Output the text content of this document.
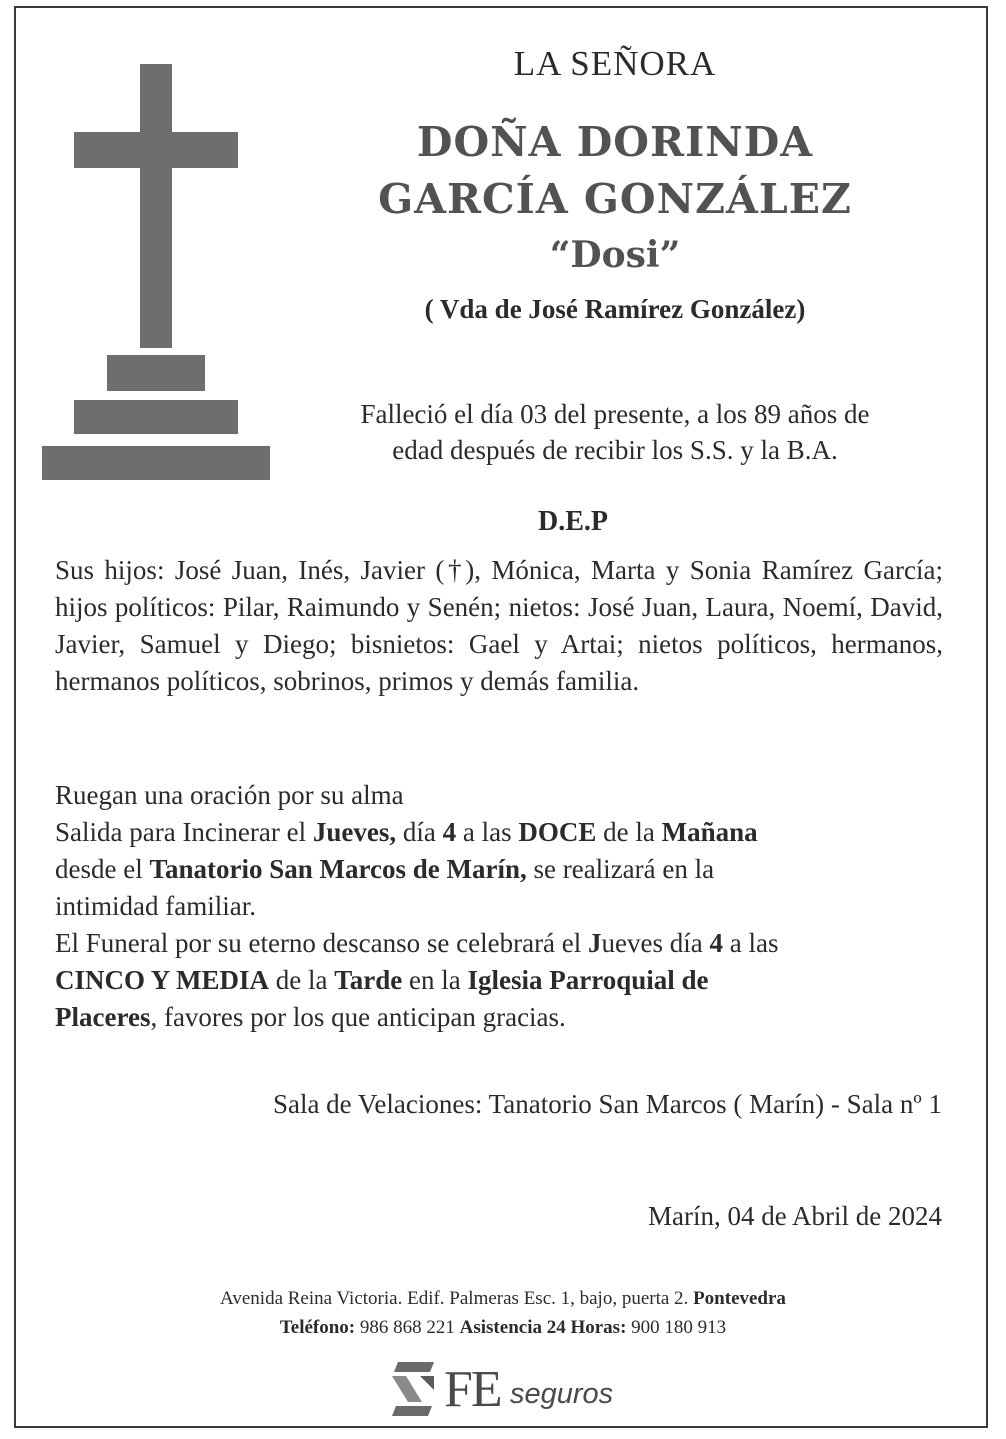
LA SEÑORA
DOÑA DORINDA
GARCÍA GONZÁLEZ
“Dosi”
( Vda de José Ramírez González)
Falleció el día 03 del presente, a los 89 años de
edad después de recibir los S.S. y la B.A.
D.E.P
Sus hijos: José Juan, Inés, Javier (†), Mónica, Marta y Sonia Ramírez García; hijos políticos: Pilar, Raimundo y Senén; nietos: José Juan, Laura, Noemí, David, Javier, Samuel y Diego; bisnietos: Gael y Artai; nietos políticos, hermanos, hermanos políticos, sobrinos, primos y demás familia.
Ruegan una oración por su alma
Salida para Incinerar el Jueves, día 4 a las DOCE de la Mañana
desde el Tanatorio San Marcos de Marín, se realizará en la
intimidad familiar.
El Funeral por su eterno descanso se celebrará el Jueves día 4 a las
CINCO Y MEDIA de la Tarde en la Iglesia Parroquial de
Placeres, favores por los que anticipan gracias.
Sala de Velaciones: Tanatorio San Marcos ( Marín) - Sala nº 1
Marín, 04 de Abril de 2024
Avenida Reina Victoria. Edif. Palmeras Esc. 1, bajo, puerta 2. Pontevedra
Teléfono: 986 868 221 Asistencia 24 Horas: 900 180 913
FE seguros
